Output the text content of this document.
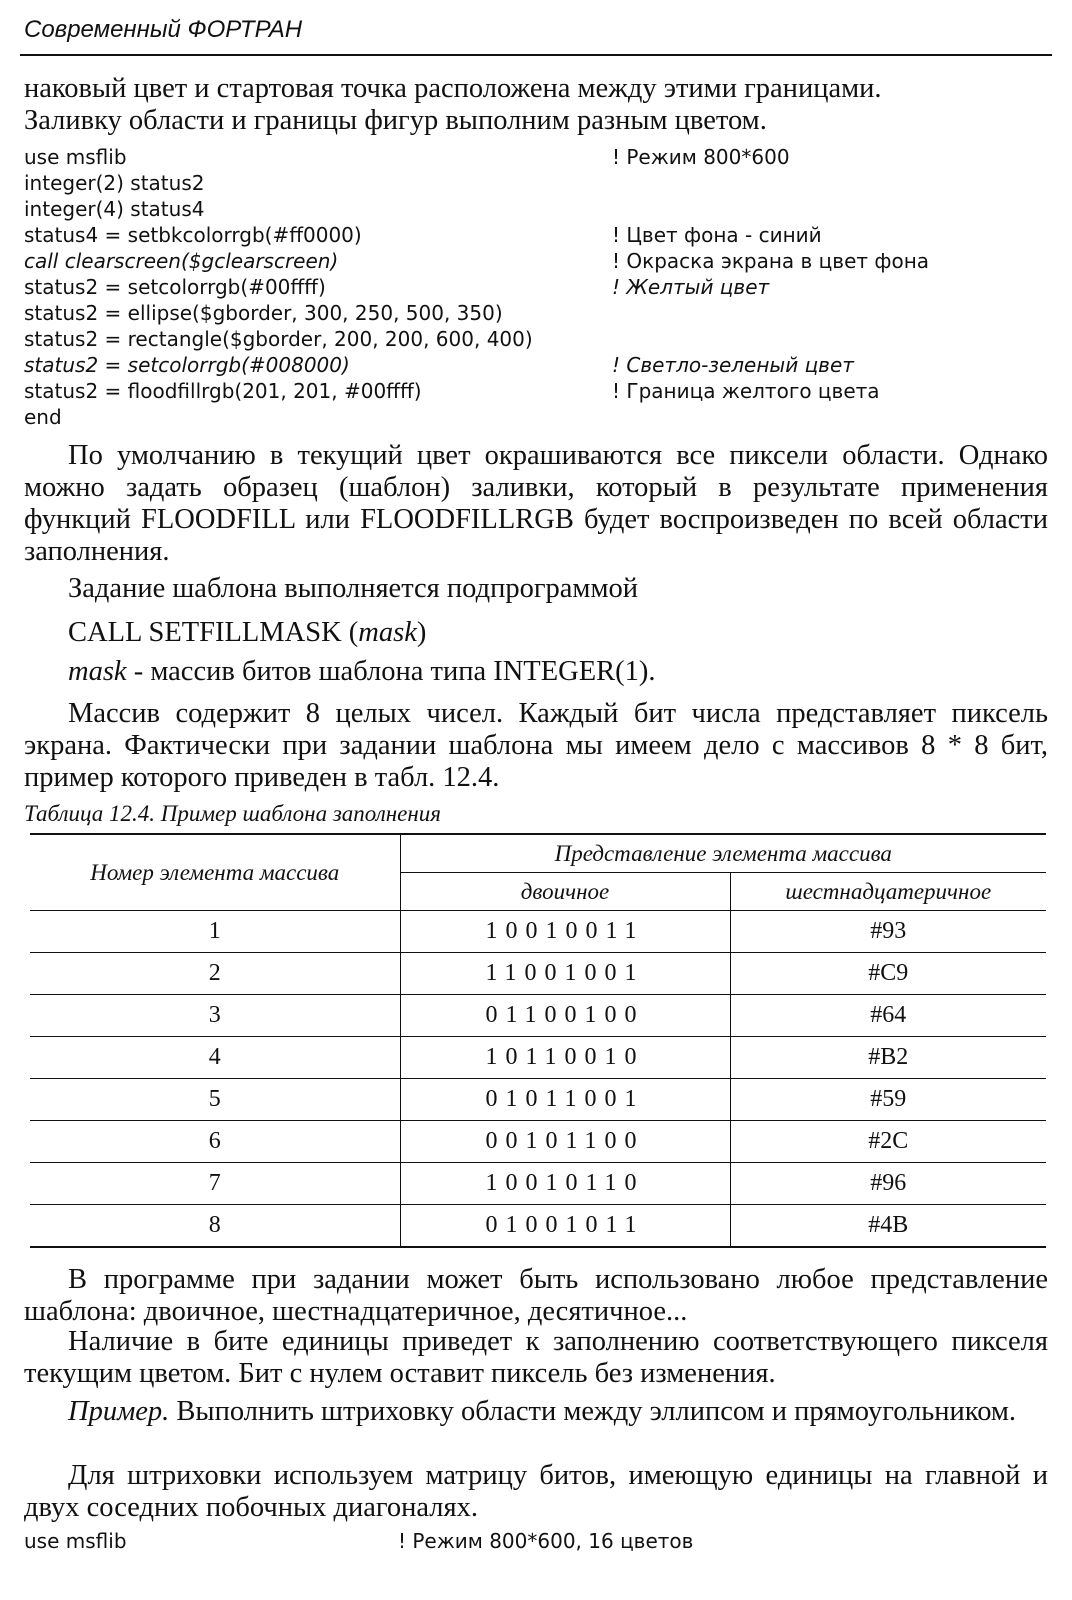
Современный ФОРТРАН

наковый цвет и стартовая точка расположена между этими границами.
Заливку области и границы фигур выполним разным цветом.

use msflib	! Режим 800*600
integer(2) status2
integer(4) status4
status4 = setbkcolorrgb(#ff0000)	! Цвет фона - синий
call clearscreen($gclearscreen)	! Окраска экрана в цвет фона
status2 = setcolorrgb(#00ffff)	! Желтый цвет
status2 = ellipse($gborder, 300, 250, 500, 350)
status2 = rectangle($gborder, 200, 200, 600, 400)
status2 = setcolorrgb(#008000)	! Светло-зеленый цвет
status2 = floodfillrgb(201, 201, #00ffff)	! Граница желтого цвета
end

По умолчанию в текущий цвет окрашиваются все пиксели области. Однако можно задать образец (шаблон) заливки, который в результате применения функций FLOODFILL или FLOODFILLRGB будет воспроизведен по всей области заполнения.

Задание шаблона выполняется подпрограммой

CALL SETFILLMASK (mask)

mask - массив битов шаблона типа INTEGER(1).

Массив содержит 8 целых чисел. Каждый бит числа представляет пиксель экрана. Фактически при задании шаблона мы имеем дело с массивов 8 * 8 бит, пример которого приведен в табл. 12.4.

Таблица 12.4. Пример шаблона заполнения
Номер элемента массива	Представление элемента массива	
	двоичное	шестнадцатеричное
1	10010011	#93
2	11001001	#C9
3	01100100	#64
4	10110010	#B2
5	01011001	#59
6	00101100	#2C
7	10010110	#96
8	01001011	#4B

В программе при задании может быть использовано любое представление шаблона: двоичное, шестнадцатеричное, десятичное...

Наличие в бите единицы приведет к заполнению соответствующего пикселя текущим цветом. Бит с нулем оставит пиксель без изменения.

Пример. Выполнить штриховку области между эллипсом и прямоугольником.

Для штриховки используем матрицу битов, имеющую единицы на главной и двух соседних побочных диагоналях.

use msflib	! Режим 800*600, 16 цветов
